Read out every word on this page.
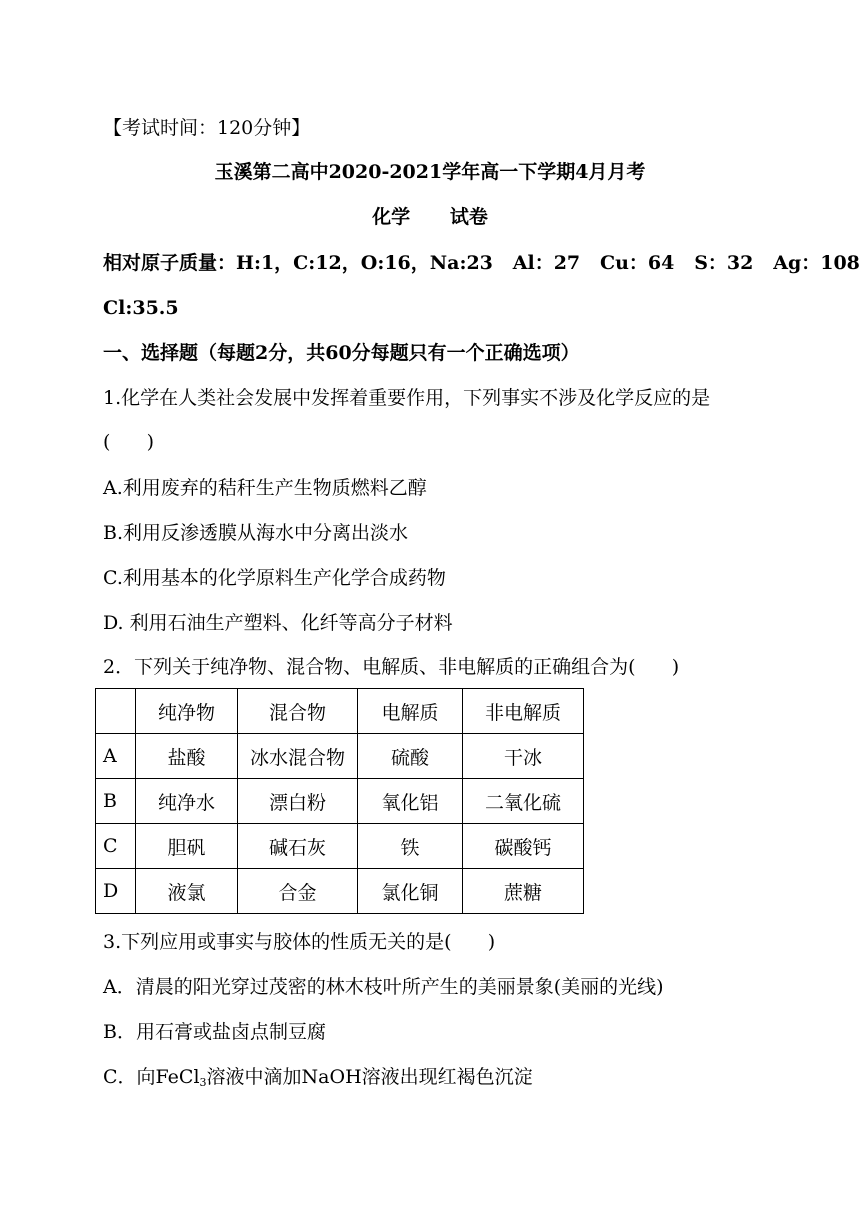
【考试时间：120分钟】
玉溪第二高中2020-2021学年高一下学期4月月考
化学      试卷
相对原子质量：H:1，C:12，O:16，Na:23   Al：27   Cu：64   S：32   Ag：108
Cl:35.5
一、选择题（每题2分，共60分每题只有一个正确选项）
1.化学在人类社会发展中发挥着重要作用，下列事实不涉及化学反应的是
(      )
A.利用废弃的秸秆生产生物质燃料乙醇
B.利用反渗透膜从海水中分离出淡水
C.利用基本的化学原料生产化学合成药物
D. 利用石油生产塑料、化纤等高分子材料
2．下列关于纯净物、混合物、电解质、非电解质的正确组合为(      )
	纯净物	混合物	电解质	非电解质
A	盐酸	冰水混合物	硫酸	干冰
B	纯净水	漂白粉	氧化铝	二氧化硫
C	胆矾	碱石灰	铁	碳酸钙
D	液氯	合金	氯化铜	蔗糖
3.下列应用或事实与胶体的性质无关的是(      )
A．清晨的阳光穿过茂密的林木枝叶所产生的美丽景象(美丽的光线)
B．用石膏或盐卤点制豆腐
C．向FeCl$_3$溶液中滴加NaOH溶液出现红褐色沉淀
